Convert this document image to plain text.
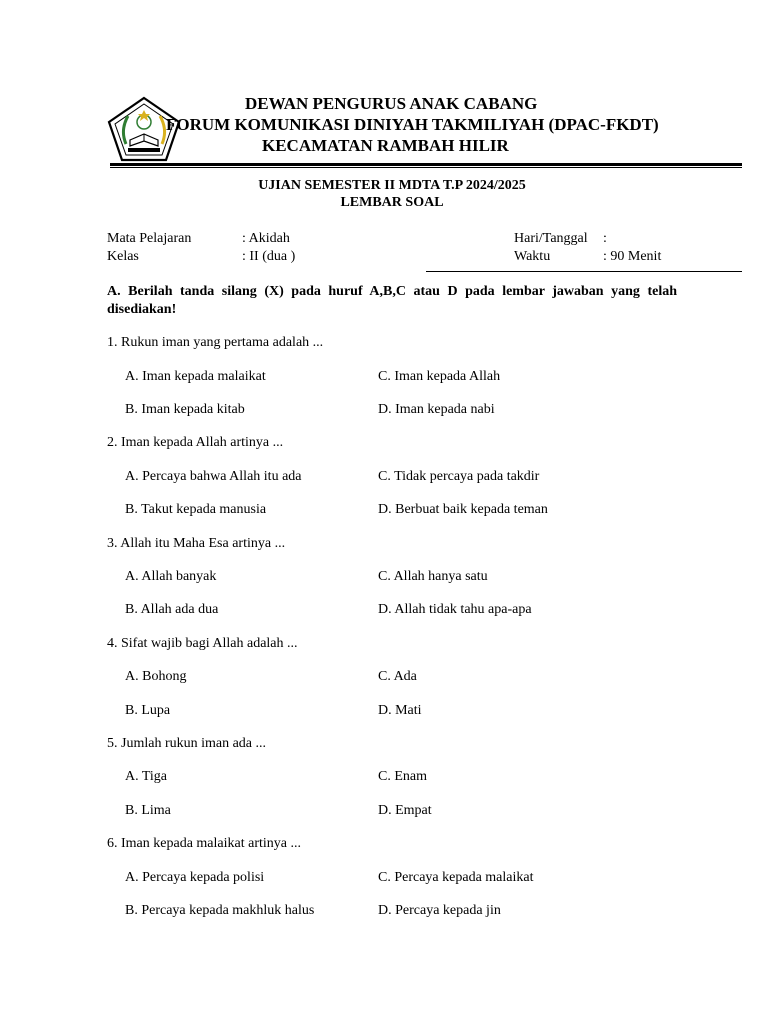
DEWAN PENGURUS ANAK CABANG
FORUM KOMUNIKASI DINIYAH TAKMILIYAH (DPAC-FKDT)
KECAMATAN RAMBAH HILIR
UJIAN SEMESTER II MDTA T.P 2024/2025
LEMBAR SOAL
Mata Pelajaran	: Akidah
Kelas	: II (dua )
Hari/Tanggal :
Waktu	: 90 Menit
A. Berilah tanda silang (X) pada huruf A,B,C atau D pada lembar jawaban yang telah disediakan!
1. Rukun iman yang pertama adalah ...
A. Iman kepada malaikat	C. Iman kepada Allah
B. Iman kepada kitab	D. Iman kepada nabi
2. Iman kepada Allah artinya ...
A. Percaya bahwa Allah itu ada	C. Tidak percaya pada takdir
B. Takut kepada manusia	D. Berbuat baik kepada teman
3. Allah itu Maha Esa artinya ...
A. Allah banyak	C. Allah hanya satu
B. Allah ada dua	D. Allah tidak tahu apa-apa
4. Sifat wajib bagi Allah adalah ...
A. Bohong	C. Ada
B. Lupa	D. Mati
5. Jumlah rukun iman ada ...
A. Tiga	C. Enam
B. Lima	D. Empat
6. Iman kepada malaikat artinya ...
A. Percaya kepada polisi	C. Percaya kepada malaikat
B. Percaya kepada makhluk halus	D. Percaya kepada jin
